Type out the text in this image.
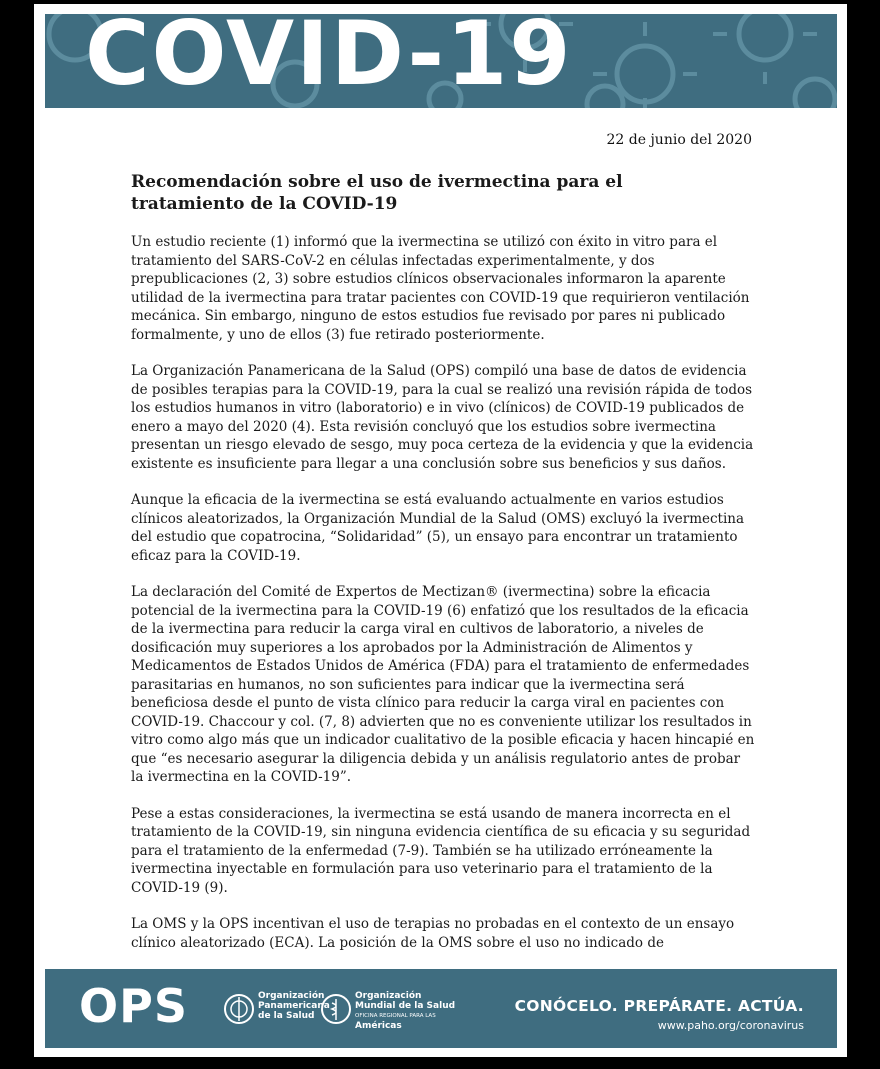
COVID-19
22 de junio del 2020
Recomendación sobre el uso de ivermectina para el tratamiento de la COVID-19

Un estudio reciente (1) informó que la ivermectina se utilizó con éxito in vitro para el tratamiento del SARS-CoV-2 en células infectadas experimentalmente, y dos prepublicaciones (2, 3) sobre estudios clínicos observacionales informaron la aparente utilidad de la ivermectina para tratar pacientes con COVID-19 que requirieron ventilación mecánica. Sin embargo, ninguno de estos estudios fue revisado por pares ni publicado formalmente, y uno de ellos (3) fue retirado posteriormente.

La Organización Panamericana de la Salud (OPS) compiló una base de datos de evidencia de posibles terapias para la COVID-19, para la cual se realizó una revisión rápida de todos los estudios humanos in vitro (laboratorio) e in vivo (clínicos) de COVID-19 publicados de enero a mayo del 2020 (4). Esta revisión concluyó que los estudios sobre ivermectina presentan un riesgo elevado de sesgo, muy poca certeza de la evidencia y que la evidencia existente es insuficiente para llegar a una conclusión sobre sus beneficios y sus daños.

Aunque la eficacia de la ivermectina se está evaluando actualmente en varios estudios clínicos aleatorizados, la Organización Mundial de la Salud (OMS) excluyó la ivermectina del estudio que copatrocina, “Solidaridad” (5), un ensayo para encontrar un tratamiento eficaz para la COVID-19.

La declaración del Comité de Expertos de Mectizan® (ivermectina) sobre la eficacia potencial de la ivermectina para la COVID-19 (6) enfatizó que los resultados de la eficacia de la ivermectina para reducir la carga viral en cultivos de laboratorio, a niveles de dosificación muy superiores a los aprobados por la Administración de Alimentos y Medicamentos de Estados Unidos de América (FDA) para el tratamiento de enfermedades parasitarias en humanos, no son suficientes para indicar que la ivermectina será beneficiosa desde el punto de vista clínico para reducir la carga viral en pacientes con COVID-19. Chaccour y col. (7, 8) advierten que no es conveniente utilizar los resultados in vitro como algo más que un indicador cualitativo de la posible eficacia y hacen hincapié en que “es necesario asegurar la diligencia debida y un análisis regulatorio antes de probar la ivermectina en la COVID-19”.

Pese a estas consideraciones, la ivermectina se está usando de manera incorrecta en el tratamiento de la COVID-19, sin ninguna evidencia científica de su eficacia y su seguridad para el tratamiento de la enfermedad (7-9). También se ha utilizado erróneamente la ivermectina inyectable en formulación para uso veterinario para el tratamiento de la COVID-19 (9).

La OMS y la OPS incentivan el uso de terapias no probadas en el contexto de un ensayo clínico aleatorizado (ECA). La posición de la OMS sobre el uso no indicado de

OPS	Organización
Panamericana
de la Salud
Organización
Mundial de la Salud
OFICINA REGIONAL PARA LAS
Américas
CONÓCELO. PREPÁRATE. ACTÚA.
www.paho.org/coronavirus
